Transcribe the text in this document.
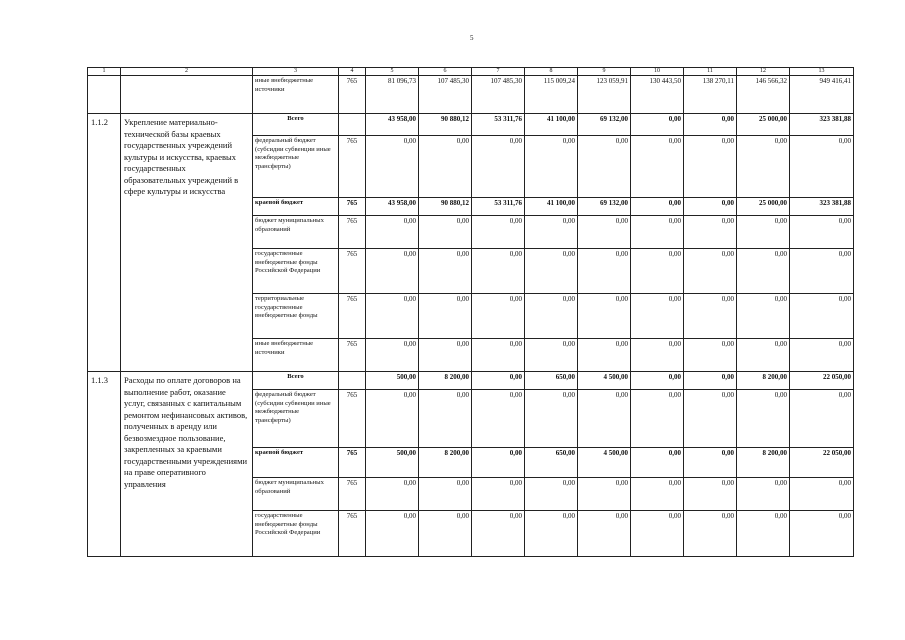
5
1	2	3	4	5	6	7	8	9	10	11	12	13
		иные внебюджетные источники	765	81 096,73	107 485,30	107 485,30	115 009,24	123 059,91	130 443,50	138 270,11	146 566,32	949 416,41
1.1.2	Укрепление материально-технической базы краевых государственных учреждений культуры и искусства, краевых государственных образовательных учреждений в сфере культуры и искусства	Всего		43 958,00	90 880,12	53 311,76	41 100,00	69 132,00	0,00	0,00	25 000,00	323 381,88
		федеральный бюджет (субсидии субвенции иные межбюджетные трансферты)	765	0,00	0,00	0,00	0,00	0,00	0,00	0,00	0,00	0,00
		краевой бюджет	765	43 958,00	90 880,12	53 311,76	41 100,00	69 132,00	0,00	0,00	25 000,00	323 381,88
		бюджет муниципальных образований	765	0,00	0,00	0,00	0,00	0,00	0,00	0,00	0,00	0,00
		государственные внебюджетные фонды Российской Федерации	765	0,00	0,00	0,00	0,00	0,00	0,00	0,00	0,00	0,00
		территориальные государственные внебюджетные фонды	765	0,00	0,00	0,00	0,00	0,00	0,00	0,00	0,00	0,00
		иные внебюджетные источники	765	0,00	0,00	0,00	0,00	0,00	0,00	0,00	0,00	0,00
1.1.3	Расходы по оплате договоров на выполнение работ, оказание услуг, связанных с капитальным ремонтом нефинансовых активов, полученных в аренду или безвозмездное пользование, закрепленных за краевыми государственными учреждениями на праве оперативного управления	Всего		500,00	8 200,00	0,00	650,00	4 500,00	0,00	0,00	8 200,00	22 050,00
		федеральный бюджет (субсидии субвенции иные межбюджетные трансферты)	765	0,00	0,00	0,00	0,00	0,00	0,00	0,00	0,00	0,00
		краевой бюджет	765	500,00	8 200,00	0,00	650,00	4 500,00	0,00	0,00	8 200,00	22 050,00
		бюджет муниципальных образований	765	0,00	0,00	0,00	0,00	0,00	0,00	0,00	0,00	0,00
		государственные внебюджетные фонды Российской Федерации	765	0,00	0,00	0,00	0,00	0,00	0,00	0,00	0,00	0,00
